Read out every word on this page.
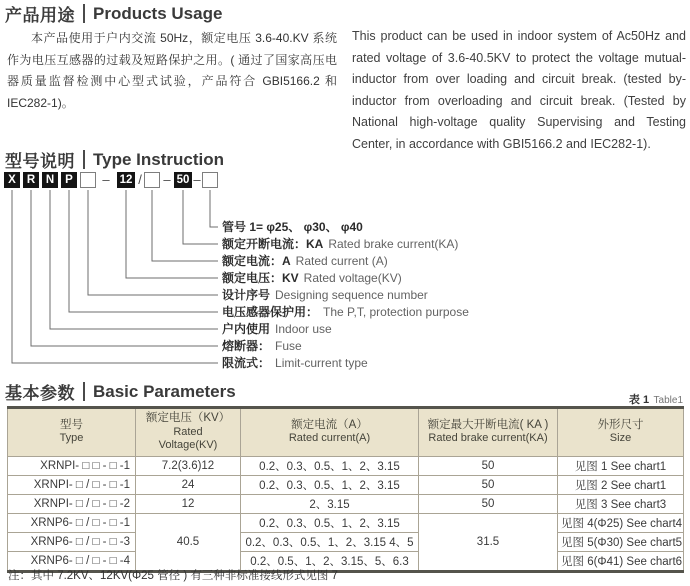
产品用途 Products Usage
本产品使用于户内交流 50Hz，额定电压 3.6-40.KV 系统作为电压互感器的过载及短路保护之用。( 通过了国家高压电器质量监督检测中心型式试验，产品符合 GBI5166.2 和 IEC282-1)。
This product can be used in indoor system of Ac50Hz and rated voltage of 3.6-40.5KV to protect the voltage mutual-inductor from over loading and circuit break. (tested by-inductor from overloading and circuit break. (Tested by National high-voltage quality Supervising and Testing Center, in accordance with GBI5166.2 and IEC282-1).
型号说明 Type Instruction
X R N P	– 12 / – 50 –
管号 1= φ25、 φ30、 φ40
额定开断电流：KA Rated brake current(KA)
额定电流：A Rated current (A)
额定电压：KV Rated voltage(KV)
设计序号 Designing sequence number
电压感器保护用： The P,T, protection purpose
户内使用 Indoor use
熔断器： Fuse
限流式： Limit-current type
基本参数 Basic Parameters	表 1 Table1
型号
Type

额定电压（KV）
Rated
Voltage(KV)

额定电流（A）
Rated current(A)

额定最大开断电流( KA )
Rated brake current(KA)

外形尺寸
Size

XRNPI- □ □ - □ -1	7.2(3.6)12	0.2、0.3、0.5、1、2、3.15	50	见图 1 See chart1
XRNPI- □ / □ - □ -1	24	0.2、0.3、0.5、1、2、3.15	50	见图 2 See chart1
XRNPI- □ / □ - □ -2	12	2、3.15	50	见图 3 See chart3
XRNP6- □ / □ - □ -1	40.5	0.2、0.3、0.5、1、2、3.15	31.5	见图 4(Φ25) See chart4
XRNP6- □ / □ - □ -3		0.2、0.3、0.5、1、2、3.15 4、5		见图 5(Φ30) See chart5
XRNP6- □ / □ - □ -4		0.2、0.5、1、2、3.15、5、6.3		见图 6(Φ41) See chart6
注：其中 7.2KV、12KV(Φ25 管径 ) 有三种非标准接线形式见图 7
